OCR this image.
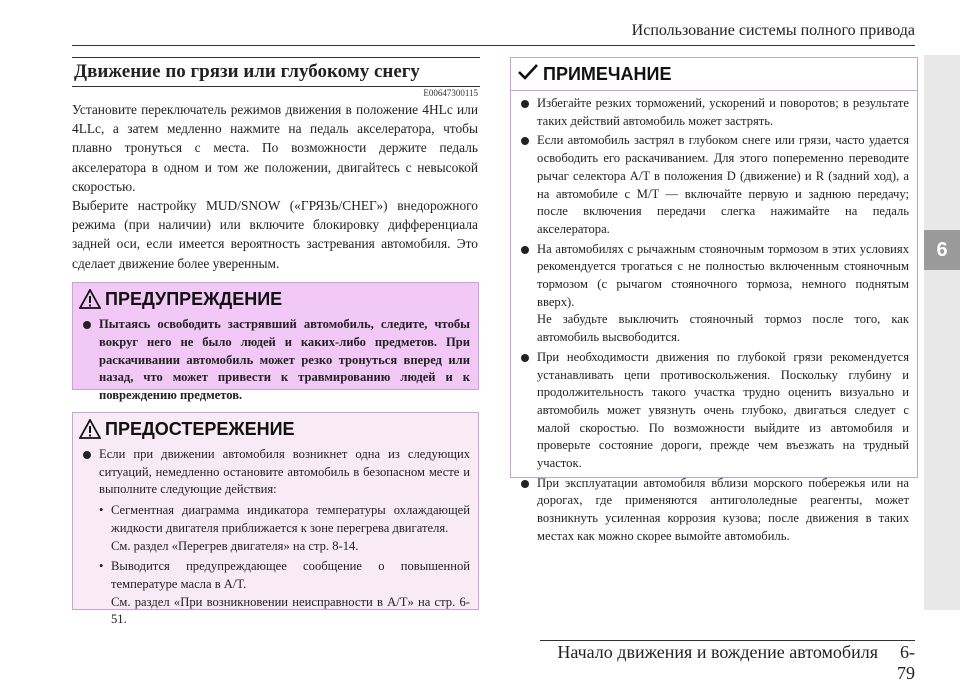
Использование системы полного привода
6
Движение по грязи или глубокому снегу
E00647300115

Установите переключатель режимов движения в положение 4HLc или 4LLc, а затем медленно нажмите на педаль акселератора, чтобы плавно тронуться с места. По возможности держите педаль акселератора в одном и том же положении, двигайтесь с невысокой скоростью.

Выберите настройку MUD/SNOW («ГРЯЗЬ/СНЕГ») внедорожного режима (при наличии) или включите блокировку дифференциала задней оси, если имеется вероятность застревания автомобиля. Это сделает движение более уверенным.

ПРЕДУПРЕЖДЕНИЕ
Пытаясь освободить застрявший автомобиль, следите, чтобы вокруг него не было людей и каких-либо предметов. При раскачивании автомобиль может резко тронуться вперед или назад, что может привести к травмированию людей и к повреждению предметов.
ПРЕДОСТЕРЕЖЕНИЕ
Если при движении автомобиля возникнет одна из следующих ситуаций, немедленно остановите автомобиль в безопасном месте и выполните следующие действия:
• Сегментная диаграмма индикатора температуры охлаждающей жидкости двигателя приближается к зоне перегрева двигателя.
См. раздел «Перегрев двигателя» на стр. 8-14.
• Выводится предупреждающее сообщение о повышенной температуре масла в A/T.
См. раздел «При возникновении неисправности в A/T» на стр. 6-51.
ПРИМЕЧАНИЕ
Избегайте резких торможений, ускорений и поворотов; в результате таких действий автомобиль может застрять.
Если автомобиль застрял в глубоком снеге или грязи, часто удается освободить его раскачиванием. Для этого попеременно переводите рычаг селектора A/T в положения D (движение) и R (задний ход), а на автомобиле с M/T — включайте первую и заднюю передачу; после включения передачи слегка нажимайте на педаль акселератора.
На автомобилях с рычажным стояночным тормозом в этих условиях рекомендуется трогаться с не полностью включенным стояночным тормозом (с рычагом стояночного тормоза, немного поднятым вверх).
Не забудьте выключить стояночный тормоз после того, как автомобиль высвободится.
При необходимости движения по глубокой грязи рекомендуется устанавливать цепи противоскольжения. Поскольку глубину и продолжительность такого участка трудно оценить визуально и автомобиль может увязнуть очень глубоко, двигаться следует с малой скоростью. По возможности выйдите из автомобиля и проверьте состояние дороги, прежде чем въезжать на трудный участок.
При эксплуатации автомобиля вблизи морского побережья или на дорогах, где применяются антигололедные реагенты, может возникнуть усиленная коррозия кузова; после движения в таких местах как можно скорее вымойте автомобиль.
Начало движения и вождение автомобиля 6-79
